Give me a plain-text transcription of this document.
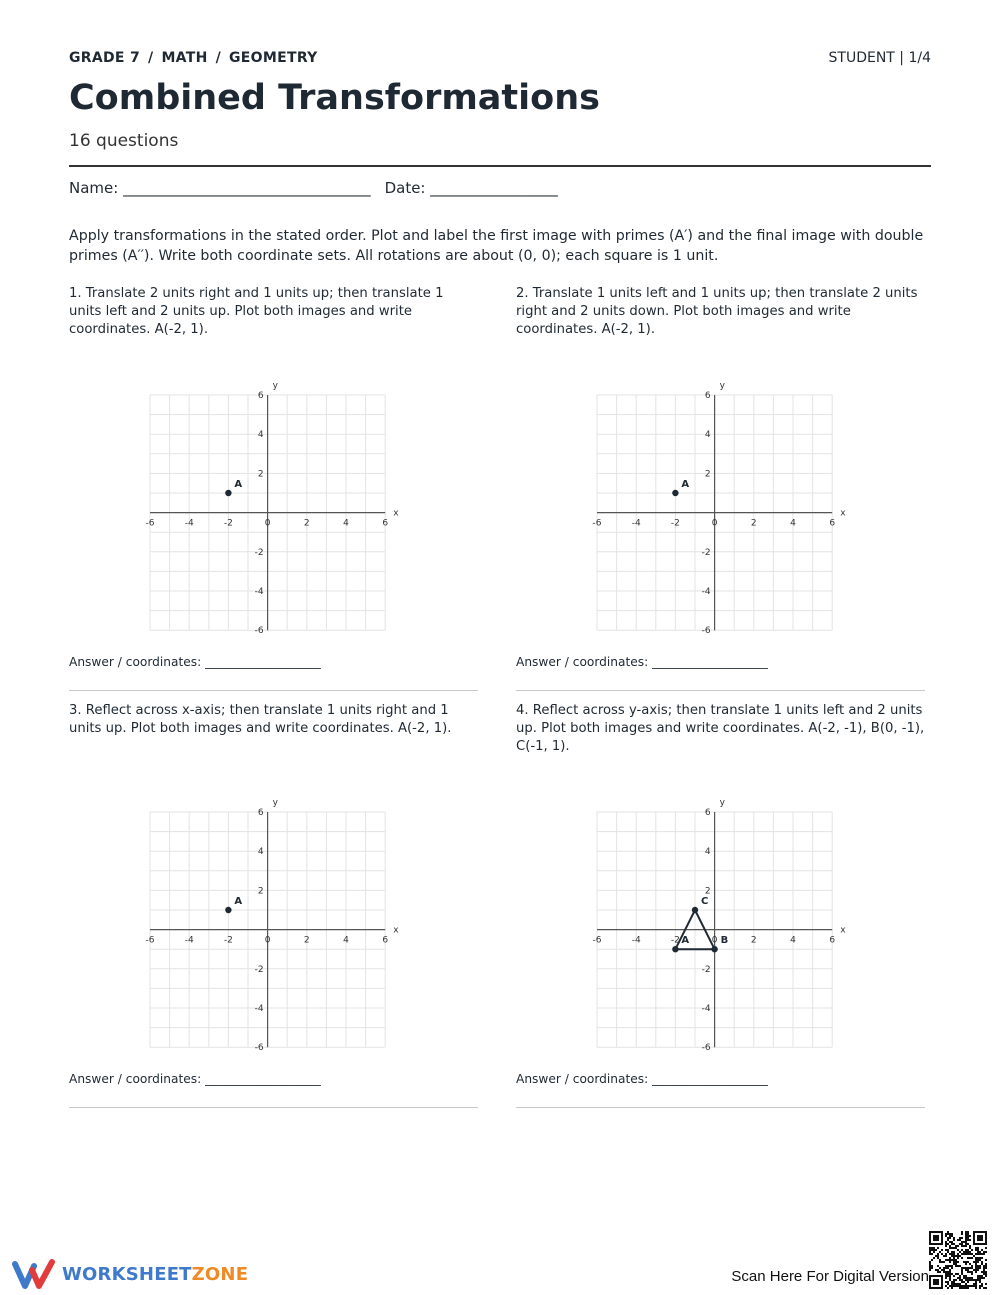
GRADE 7 / MATH / GEOMETRY	STUDENT | 1/4
Combined Transformations
16 questions
Name: _________________________________ Date: _________________

Apply transformations in the stated order. Plot and label the first image with primes (A′) and the final image with double primes (A′′). Write both coordinate sets. All rotations are about (0, 0); each square is 1 unit.

1. Translate 2 units right and 1 units up; then translate 1 units left and 2 units up. Plot both images and write coordinates. A(-2, 1).

x
y
-6
-6
-4
-4
-2
-2
0	2
2
4
4
6
6
A
Answer / coordinates: ___________________

2. Translate 1 units left and 1 units up; then translate 2 units right and 2 units down. Plot both images and write coordinates. A(-2, 1).

x
y
-6
-6
-4
-4
-2
-2
0	2
2
4
4
6
6
A
Answer / coordinates: ___________________

3. Reflect across x-axis; then translate 1 units right and 1 units up. Plot both images and write coordinates. A(-2, 1).

x
y
-6
-6
-4
-4
-2
-2
0	2
2
4
4
6
6
A
Answer / coordinates: ___________________

4. Reflect across y-axis; then translate 1 units left and 2 units up. Plot both images and write coordinates. A(-2, -1), B(0, -1), C(-1, 1).

x
y
-6
-6
-4
-4
-2
-2
0	2
2
4
4
6
6
A	B
C
Answer / coordinates: ___________________
WORKSHEETZONE	Scan Here For Digital Version
